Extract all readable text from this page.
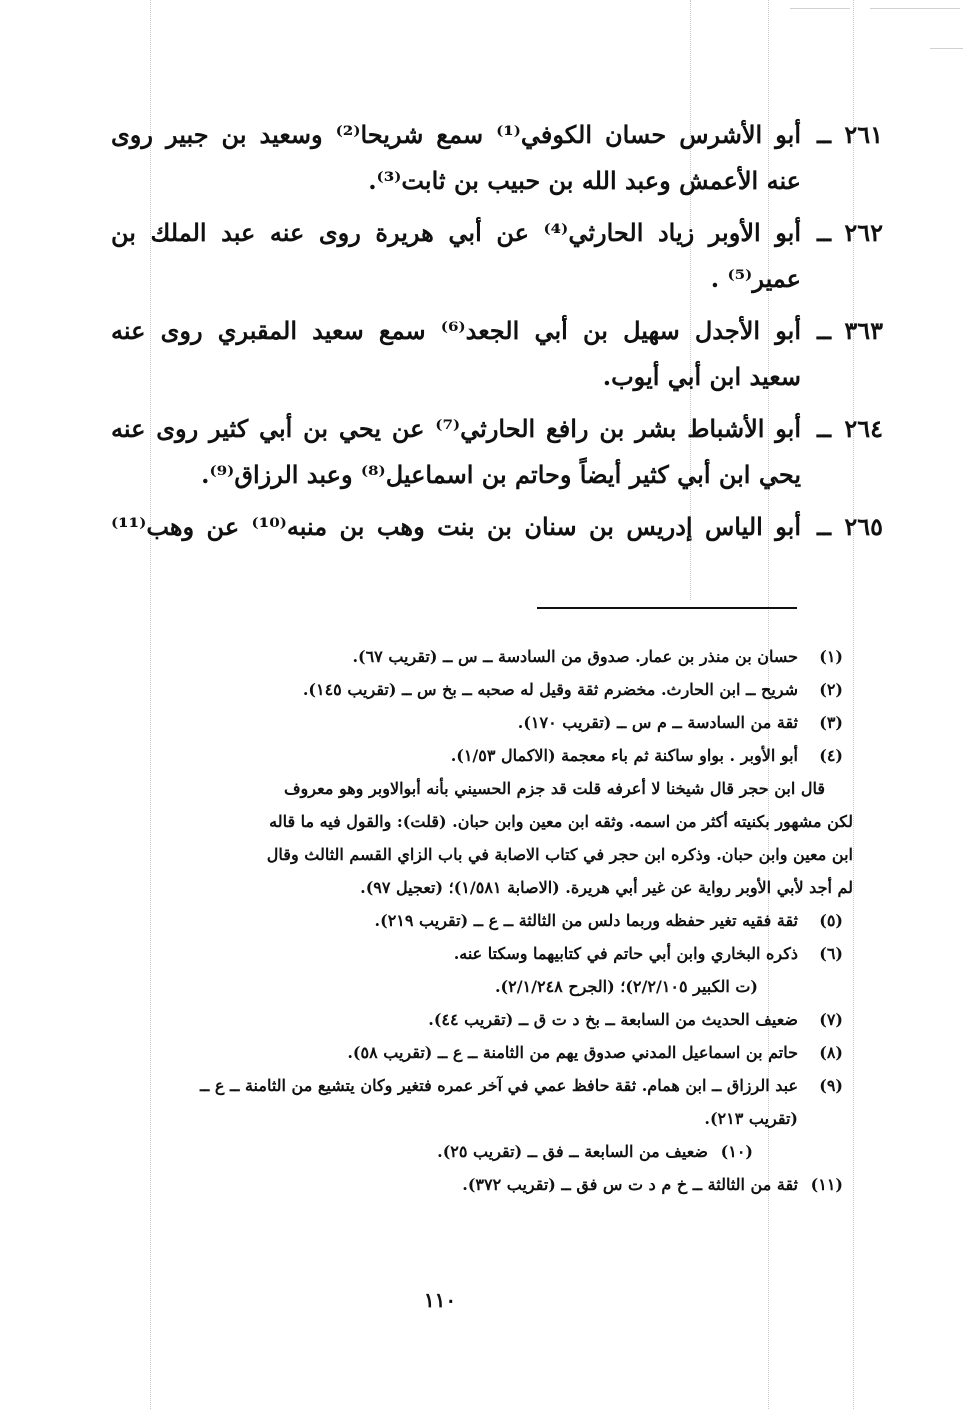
٢٦١
ــ
أبو الأشرس حسان الكوفي⁽¹⁾ سمع شريحا⁽²⁾ وسعيد بن جبير روى
عنه الأعمش وعبد الله بن حبيب بن ثابت⁽³⁾.
٢٦٢
ــ
أبو الأوبر زياد الحارثي⁽⁴⁾ عن أبي هريرة روى عنه عبد الملك بن
عمير⁽⁵⁾ .
٣٦٣
ــ
أبو الأجدل سهيل بن أبي الجعد⁽⁶⁾ سمع سعيد المقبري روى عنه
سعيد ابن أبي أيوب.
٢٦٤
ــ
أبو الأشباط بشر بن رافع الحارثي⁽⁷⁾ عن يحي بن أبي كثير روى عنه
يحي ابن أبي كثير أيضاً وحاتم بن اسماعيل⁽⁸⁾ وعبد الرزاق⁽⁹⁾.
٢٦٥
ــ
أبو الياس إدريس بن سنان بن بنت وهب بن منبه⁽¹⁰⁾ عن وهب⁽¹¹⁾
(١)
حسان بن منذر بن عمار. صدوق من السادسة ــ س ــ (تقريب ٦٧).
(٢)
شريح ــ ابن الحارث. مخضرم ثقة وقيل له صحبه ــ بخ س ــ (تقريب ١٤٥).
(٣)
ثقة من السادسة ــ م س ــ (تقريب ١٧٠).
(٤)
أبو الأوبر . بواو ساكنة ثم باء معجمة (الاكمال ١/٥٣).
قال ابن حجر قال شيخنا لا أعرفه قلت قد جزم الحسيني بأنه أبوالاوبر وهو معروف
لكن مشهور بكنيته أكثر من اسمه. وثقه ابن معين وابن حبان. (قلت): والقول فيه ما قاله
ابن معين وابن حبان. وذكره ابن حجر في كتاب الاصابة في باب الزاي القسم الثالث وقال
لم أجد لأبي الأوبر رواية عن غير أبي هريرة. (الاصابة ١/٥٨١)؛ (تعجيل ٩٧).
(٥)
ثقة فقيه تغير حفظه وربما دلس من الثالثة ــ ع ــ (تقريب ٢١٩).
(٦)
ذكره البخاري وابن أبي حاتم في كتابيهما وسكتا عنه.
(ت الكبير ٢/٢/١٠٥)؛ (الجرح ٢/١/٢٤٨).
(٧)
ضعيف الحديث من السابعة ــ بخ د ت ق ــ (تقريب ٤٤).
(٨)
حاتم بن اسماعيل المدني صدوق يهم من الثامنة ــ ع ــ (تقريب ٥٨).
(٩)
عبد الرزاق ــ ابن همام. ثقة حافظ عمي في آخر عمره فتغير وكان يتشيع من الثامنة ــ ع ــ
(تقريب ٢١٣).
(١٠)
ضعيف من السابعة ــ فق ــ (تقريب ٢٥).
(١١)
ثقة من الثالثة ــ خ م د ت س فق ــ (تقريب ٣٧٢).
١١٠
